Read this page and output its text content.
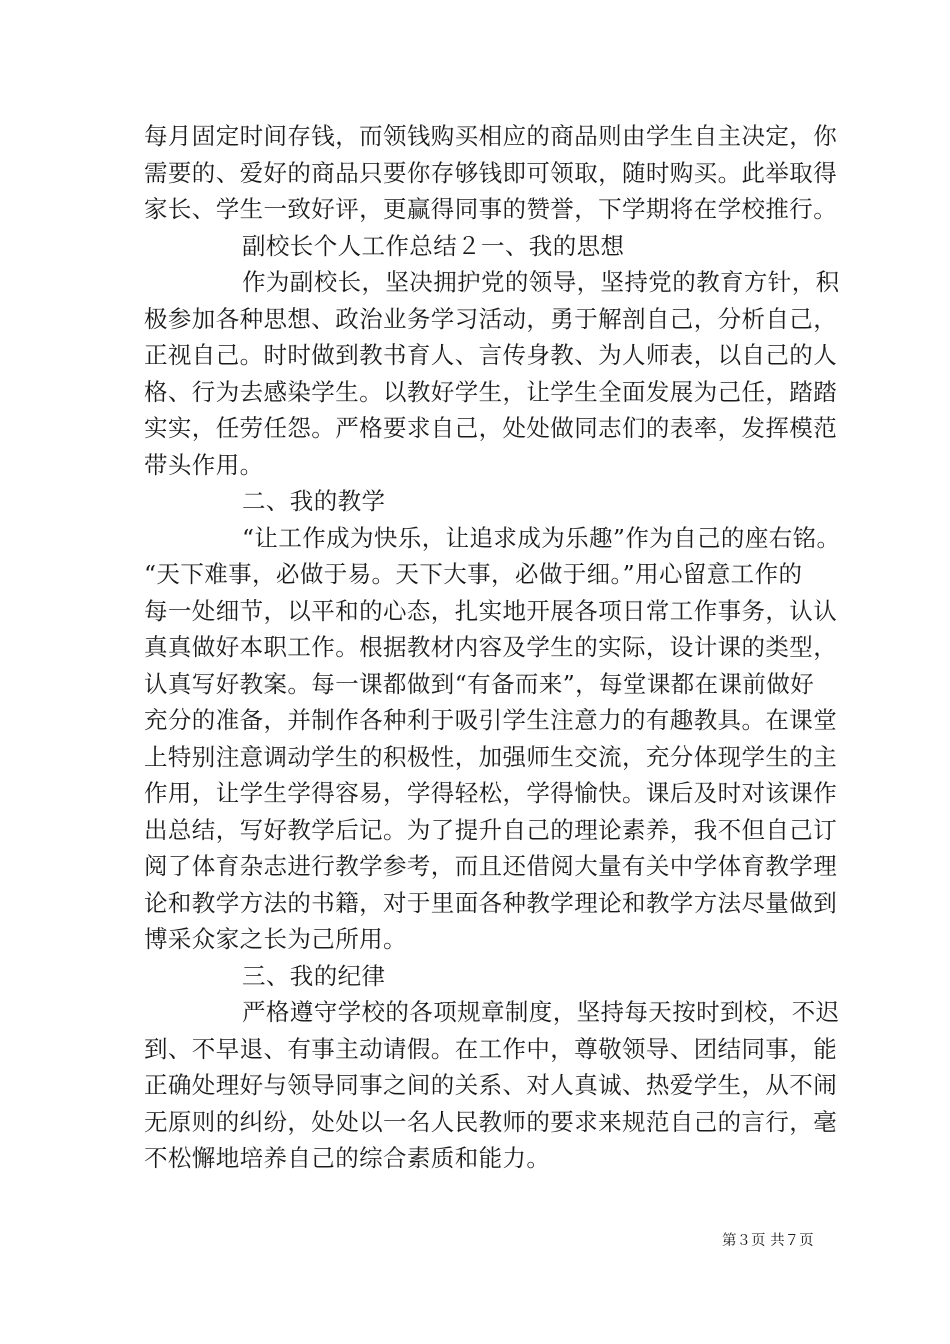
每月固定时间存钱，而领钱购买相应的商品则由学生自主决定，你
需要的、爱好的商品只要你存够钱即可领取，随时购买。此举取得
家长、学生一致好评，更赢得同事的赞誉，下学期将在学校推行。
副校长个人工作总结２一、我的思想
作为副校长，坚决拥护党的领导，坚持党的教育方针，积
极参加各种思想、政治业务学习活动，勇于解剖自己，分析自己，
正视自己。时时做到教书育人、言传身教、为人师表，以自己的人
格、行为去感染学生。以教好学生，让学生全面发展为己任，踏踏
实实，任劳任怨。严格要求自己，处处做同志们的表率，发挥模范
带头作用。
二、我的教学
“让工作成为快乐，让追求成为乐趣”作为自己的座右铭。
“天下难事，必做于易。天下大事，必做于细。”用心留意工作的
每一处细节，以平和的心态，扎实地开展各项日常工作事务，认认
真真做好本职工作。根据教材内容及学生的实际，设计课的类型，
认真写好教案。每一课都做到“有备而来”，每堂课都在课前做好
充分的准备，并制作各种利于吸引学生注意力的有趣教具。在课堂
上特别注意调动学生的积极性，加强师生交流，充分体现学生的主
作用，让学生学得容易，学得轻松，学得愉快。课后及时对该课作
出总结，写好教学后记。为了提升自己的理论素养，我不但自己订
阅了体育杂志进行教学参考，而且还借阅大量有关中学体育教学理
论和教学方法的书籍，对于里面各种教学理论和教学方法尽量做到
博采众家之长为己所用。
三、我的纪律
严格遵守学校的各项规章制度，坚持每天按时到校，不迟
到、不早退、有事主动请假。在工作中，尊敬领导、团结同事，能
正确处理好与领导同事之间的关系、对人真诚、热爱学生，从不闹
无原则的纠纷，处处以一名人民教师的要求来规范自己的言行，毫
不松懈地培养自己的综合素质和能力。
第３页 共７页
